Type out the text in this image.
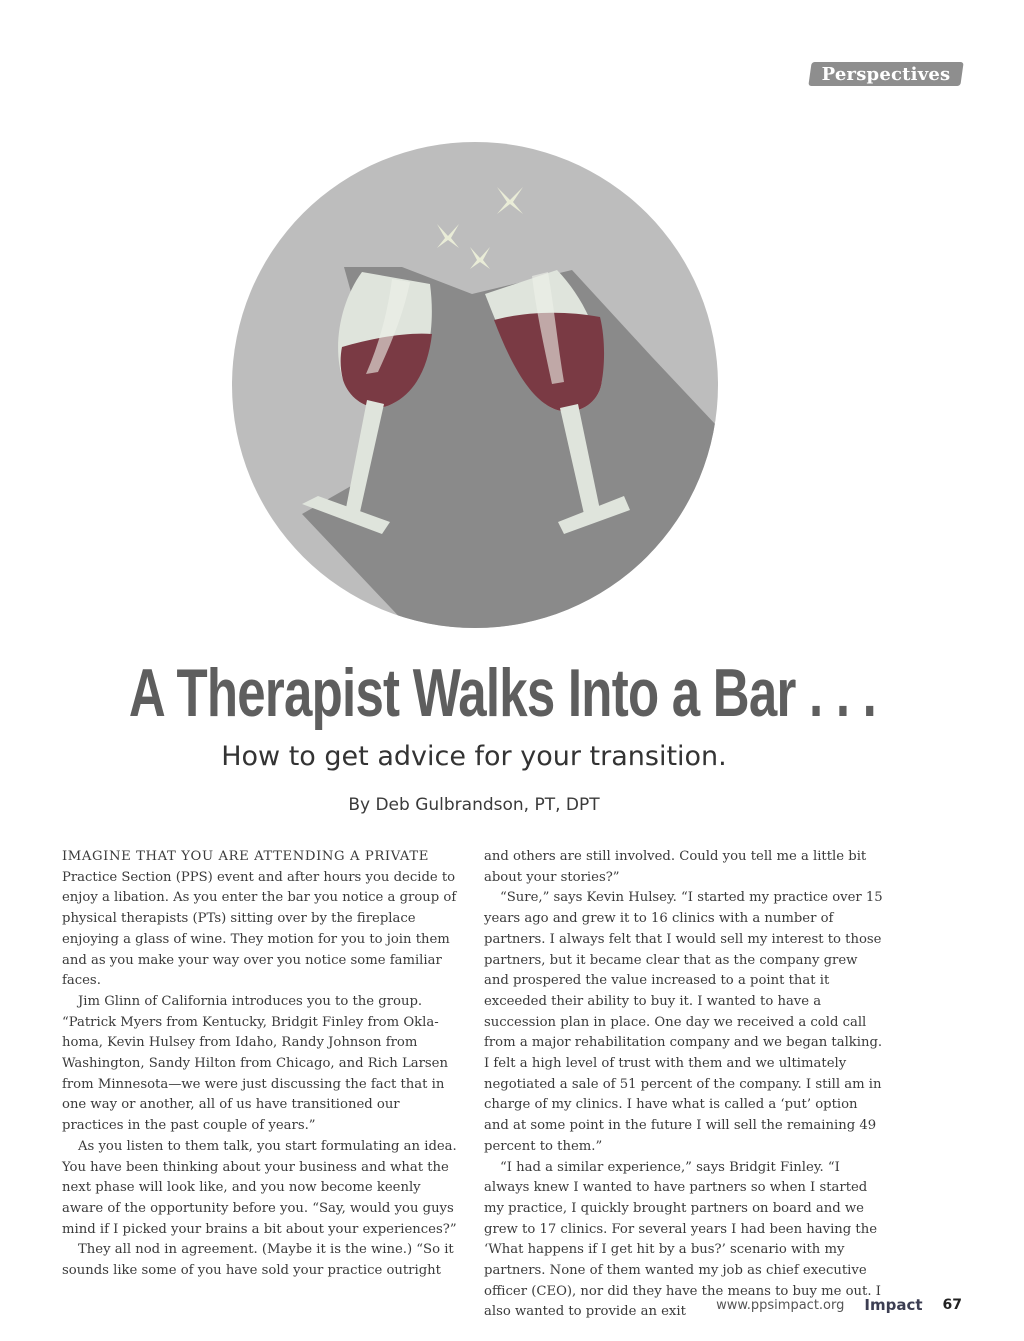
Perspectives
A Therapist Walks Into a Bar . . .
How to get advice for your transition.

By Deb Gulbrandson, PT, DPT

IMAGINE THAT YOU ARE ATTENDING A PRIVATE Practice Section (PPS) event and after hours you decide to enjoy a libation. As you enter the bar you notice a group of physical therapists (PTs) sitting over by the fireplace enjoying a glass of wine. They motion for you to join them and as you make your way over you notice some familiar faces.

Jim Glinn of California introduces you to the group. “Patrick Myers from Kentucky, Bridgit Finley from Okla-homa, Kevin Hulsey from Idaho, Randy Johnson from Washington, Sandy Hilton from Chicago, and Rich Larsen from Minnesota—we were just discussing the fact that in one way or another, all of us have transitioned our practices in the past couple of years.”

As you listen to them talk, you start formulating an idea. You have been thinking about your business and what the next phase will look like, and you now become keenly aware of the opportunity before you. “Say, would you guys mind if I picked your brains a bit about your experiences?”

They all nod in agreement. (Maybe it is the wine.) “So it sounds like some of you have sold your practice outright

and others are still involved. Could you tell me a little bit about your stories?”

“Sure,” says Kevin Hulsey. “I started my practice over 15 years ago and grew it to 16 clinics with a number of partners. I always felt that I would sell my interest to those partners, but it became clear that as the company grew and prospered the value increased to a point that it exceeded their ability to buy it. I wanted to have a succession plan in place. One day we received a cold call from a major rehabilitation company and we began talking. I felt a high level of trust with them and we ultimately negotiated a sale of 51 percent of the company. I still am in charge of my clinics. I have what is called a ‘put’ option and at some point in the future I will sell the remaining 49 percent to them.”

“I had a similar experience,” says Bridgit Finley. “I always knew I wanted to have partners so when I started my practice, I quickly brought partners on board and we grew to 17 clinics. For several years I had been having the ‘What happens if I get hit by a bus?’ scenario with my partners. None of them wanted my job as chief executive officer (CEO), nor did they have the means to buy me out. I also wanted to provide an exit	www.ppsimpact.org Impact 67
